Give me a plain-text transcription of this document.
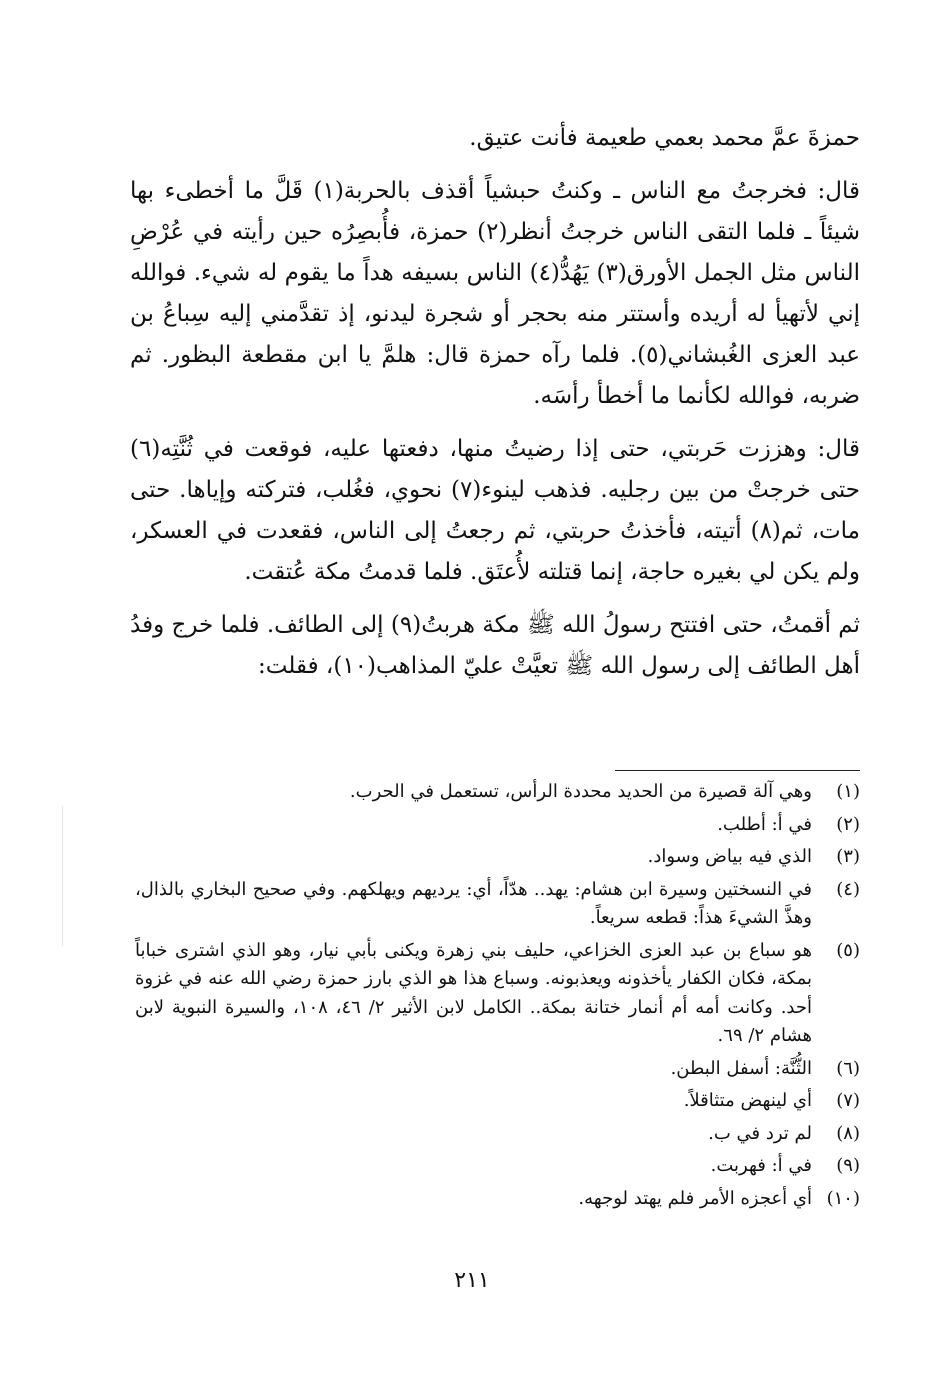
حمزةَ عمَّ محمد بعمي طعيمة فأنت عتيق.

قال: فخرجتُ مع الناس ـ وكنتُ حبشياً أقذف بالحربة(١) قَلَّ ما أخطىء بها شيئاً ـ فلما التقى الناس خرجتُ أنظر(٢) حمزة، فأُبصِرُه حين رأيته في عُرْضِ الناس مثل الجمل الأورق(٣) يَهُدُّ(٤) الناس بسيفه هداً ما يقوم له شيء. فوالله إني لأتهيأ له أريده وأستتر منه بحجر أو شجرة ليدنو، إذ تقدَّمني إليه سِباعُ بن عبد العزى الغُبشاني(٥). فلما رآه حمزة قال: هلمَّ يا ابن مقطعة البظور. ثم ضربه، فوالله لكأنما ما أخطأ رأسَه.

قال: وهززت حَربتي، حتى إذا رضيتُ منها، دفعتها عليه، فوقعت في ثُنَّتِه(٦) حتى خرجتْ من بين رجليه. فذهب لينوء(٧) نحوي، فغُلب، فتركته وإياها. حتى مات، ثم(٨) أتيته، فأخذتُ حربتي، ثم رجعتُ إلى الناس، فقعدت في العسكر، ولم يكن لي بغيره حاجة، إنما قتلته لأُعتَق. فلما قدمتُ مكة عُتقت.

ثم أقمتُ، حتى افتتح رسولُ الله ﷺ مكة هربتُ(٩) إلى الطائف. فلما خرج وفدُ أهل الطائف إلى رسول الله ﷺ تعيَّتْ عليّ المذاهب(١٠)، فقلت:

(١)
وهي آلة قصيرة من الحديد محددة الرأس، تستعمل في الحرب.
(٢)
في أ: أطلب.
(٣)
الذي فيه بياض وسواد.
(٤)
في النسختين وسيرة ابن هشام: يهد.. هدّاً، أي: يرديهم ويهلكهم. وفي صحيح البخاري بالذال، وهذَّ الشيءَ هذاً: قطعه سريعاً.
(٥)
هو سباع بن عبد العزى الخزاعي، حليف بني زهرة ويكنى بأبي نيار، وهو الذي اشترى خباباً بمكة، فكان الكفار يأخذونه ويعذبونه. وسباع هذا هو الذي بارز حمزة رضي الله عنه في غزوة أحد. وكانت أمه أم أنمار ختانة بمكة.. الكامل لابن الأثير ٢/ ٤٦، ١٠٨، والسيرة النبوية لابن هشام ٢/ ٦٩.
(٦)
الثُّنَّة: أسفل البطن.
(٧)
أي لينهض متثاقلاً.
(٨)
لم ترد في ب.
(٩)
في أ: فهربت.
(١٠)
أي أعجزه الأمر فلم يهتد لوجهه.
٢١١
